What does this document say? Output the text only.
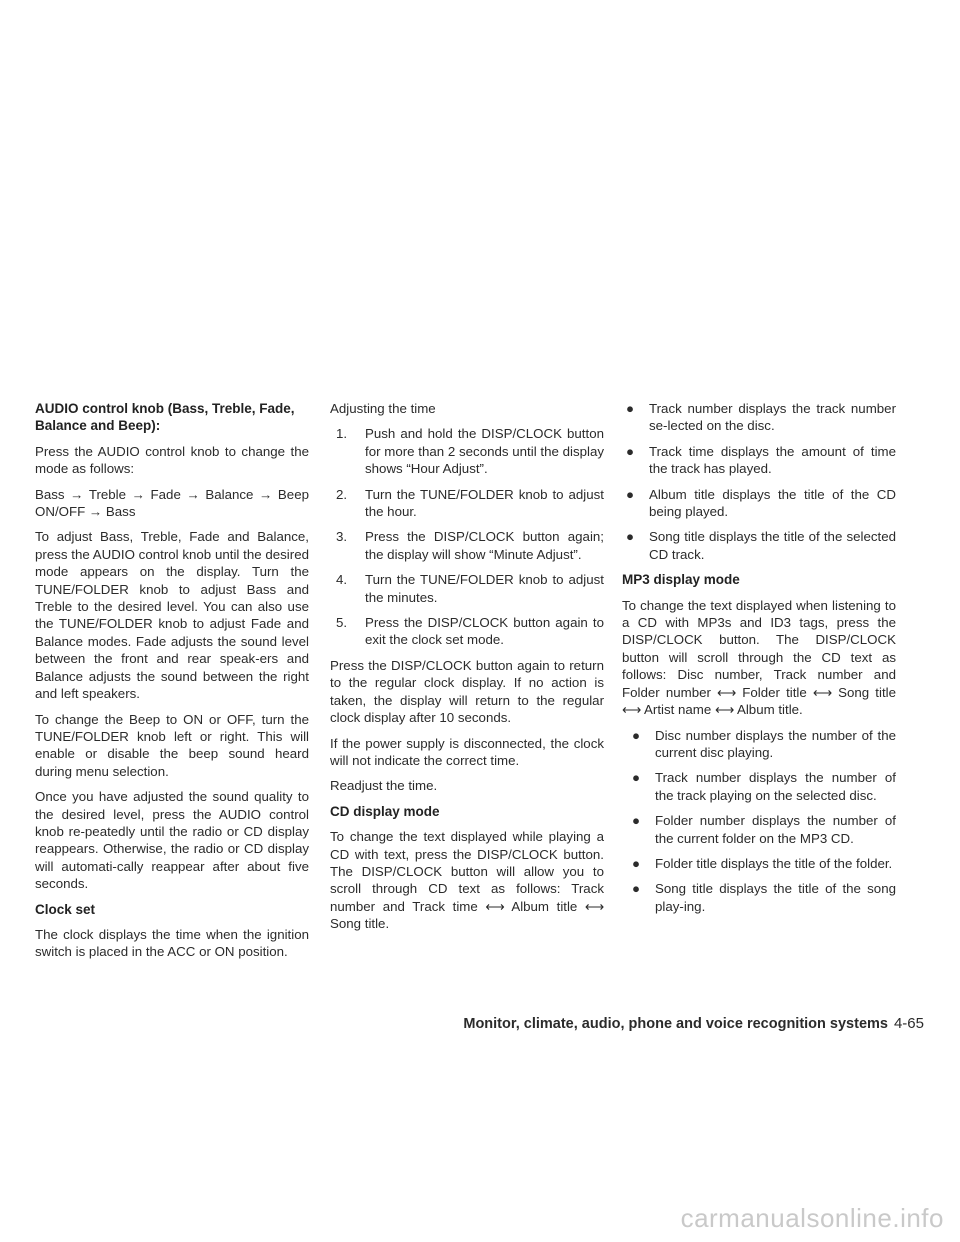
AUDIO control knob (Bass, Treble, Fade, Balance and Beep):

Press the AUDIO control knob to change the mode as follows:

Bass → Treble → Fade → Balance → Beep ON/OFF → Bass

To adjust Bass, Treble, Fade and Balance, press the AUDIO control knob until the desired mode appears on the display. Turn the TUNE/FOLDER knob to adjust Bass and Treble to the desired level. You can also use the TUNE/FOLDER knob to adjust Fade and Balance modes. Fade adjusts the sound level between the front and rear speak-ers and Balance adjusts the sound between the right and left speakers.

To change the Beep to ON or OFF, turn the TUNE/FOLDER knob left or right. This will enable or disable the beep sound heard during menu selection.

Once you have adjusted the sound quality to the desired level, press the AUDIO control knob re-peatedly until the radio or CD display reappears. Otherwise, the radio or CD display will automati-cally reappear after about five seconds.

Clock set

The clock displays the time when the ignition switch is placed in the ACC or ON position.

Adjusting the time

1. Push and hold the DISP/CLOCK button for more than 2 seconds until the display shows “Hour Adjust”.
2. Turn the TUNE/FOLDER knob to adjust the hour.
3. Press the DISP/CLOCK button again; the display will show “Minute Adjust”.
4. Turn the TUNE/FOLDER knob to adjust the minutes.
5. Press the DISP/CLOCK button again to exit the clock set mode.

Press the DISP/CLOCK button again to return to the regular clock display. If no action is taken, the display will return to the regular clock display after 10 seconds.

If the power supply is disconnected, the clock will not indicate the correct time.

Readjust the time.

CD display mode

To change the text displayed while playing a CD with text, press the DISP/CLOCK button. The DISP/CLOCK button will allow you to scroll through CD text as follows: Track number and Track time ⟷ Album title ⟷ Song title.

● Track number displays the track number se-lected on the disc.
● Track time displays the amount of time the track has played.
● Album title displays the title of the CD being played.
● Song title displays the title of the selected CD track.
MP3 display mode

To change the text displayed when listening to a CD with MP3s and ID3 tags, press the DISP/CLOCK button. The DISP/CLOCK button will scroll through the CD text as follows: Disc number, Track number and Folder number ⟷ Folder title ⟷ Song title ⟷ Artist name ⟷ Album title.

● Disc number displays the number of the current disc playing.
● Track number displays the number of the track playing on the selected disc.
● Folder number displays the number of the current folder on the MP3 CD.
● Folder title displays the title of the folder.
● Song title displays the title of the song play-ing.
Monitor, climate, audio, phone and voice recognition systems 4-65
carmanualsonline.info
